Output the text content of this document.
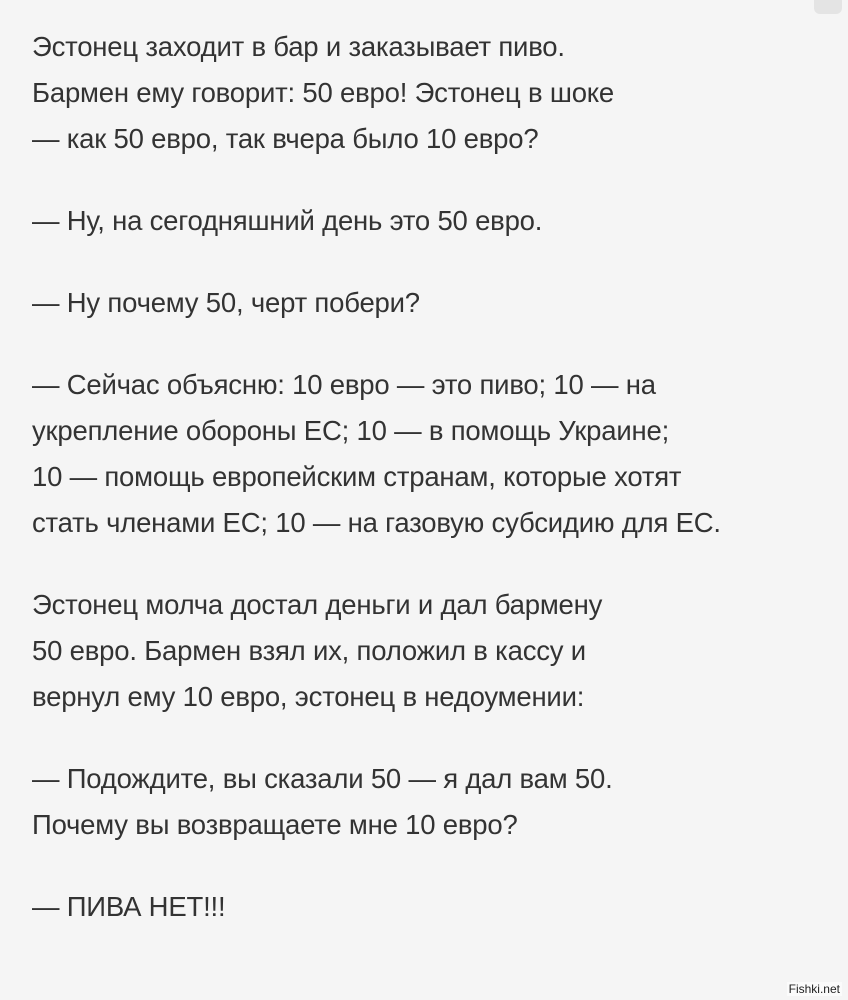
Эстонец заходит в бар и заказывает пиво.
Бармен ему говорит: 50 евро! Эстонец в шоке
— как 50 евро, так вчера было 10 евро?
— Ну, на сегодняшний день это 50 евро.
— Ну почему 50, черт побери?
— Сейчас объясню: 10 евро — это пиво; 10 — на
укрепление обороны ЕС; 10 — в помощь Украине;
10 — помощь европейским странам, которые хотят
стать членами ЕС; 10 — на газовую субсидию для ЕС.
Эстонец молча достал деньги и дал бармену
50 евро. Бармен взял их, положил в кассу и
вернул ему 10 евро, эстонец в недоумении:
— Подождите, вы сказали 50 — я дал вам 50.
Почему вы возвращаете мне 10 евро?
— ПИВА НЕТ!!!
Fishki.net
